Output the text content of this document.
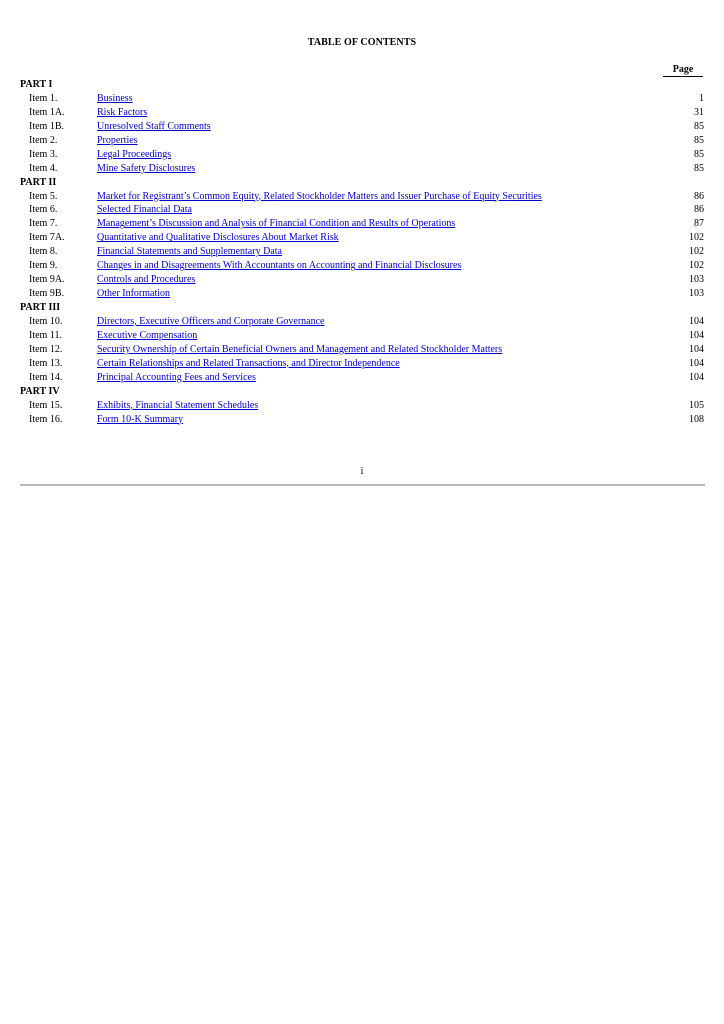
TABLE OF CONTENTS
Page
PART I
Item 1.	Business	1
Item 1A.	Risk Factors	31
Item 1B.	Unresolved Staff Comments	85
Item 2.	Properties	85
Item 3.	Legal Proceedings	85
Item 4.	Mine Safety Disclosures	85
PART II
Item 5.	Market for Registrant’s Common Equity, Related Stockholder Matters and Issuer Purchase of Equity Securities	86
Item 6.	Selected Financial Data	86
Item 7.	Management’s Discussion and Analysis of Financial Condition and Results of Operations	87
Item 7A.	Quantitative and Qualitative Disclosures About Market Risk	102
Item 8.	Financial Statements and Supplementary Data	102
Item 9.	Changes in and Disagreements With Accountants on Accounting and Financial Disclosures	102
Item 9A.	Controls and Procedures	103
Item 9B.	Other Information	103
PART III
Item 10.	Directors, Executive Officers and Corporate Governance	104
Item 11.	Executive Compensation	104
Item 12.	Security Ownership of Certain Beneficial Owners and Management and Related Stockholder Matters	104
Item 13.	Certain Relationships and Related Transactions, and Director Independence	104
Item 14.	Principal Accounting Fees and Services	104
PART IV
Item 15.	Exhibits, Financial Statement Schedules	105
Item 16.	Form 10-K Summary	108
i
